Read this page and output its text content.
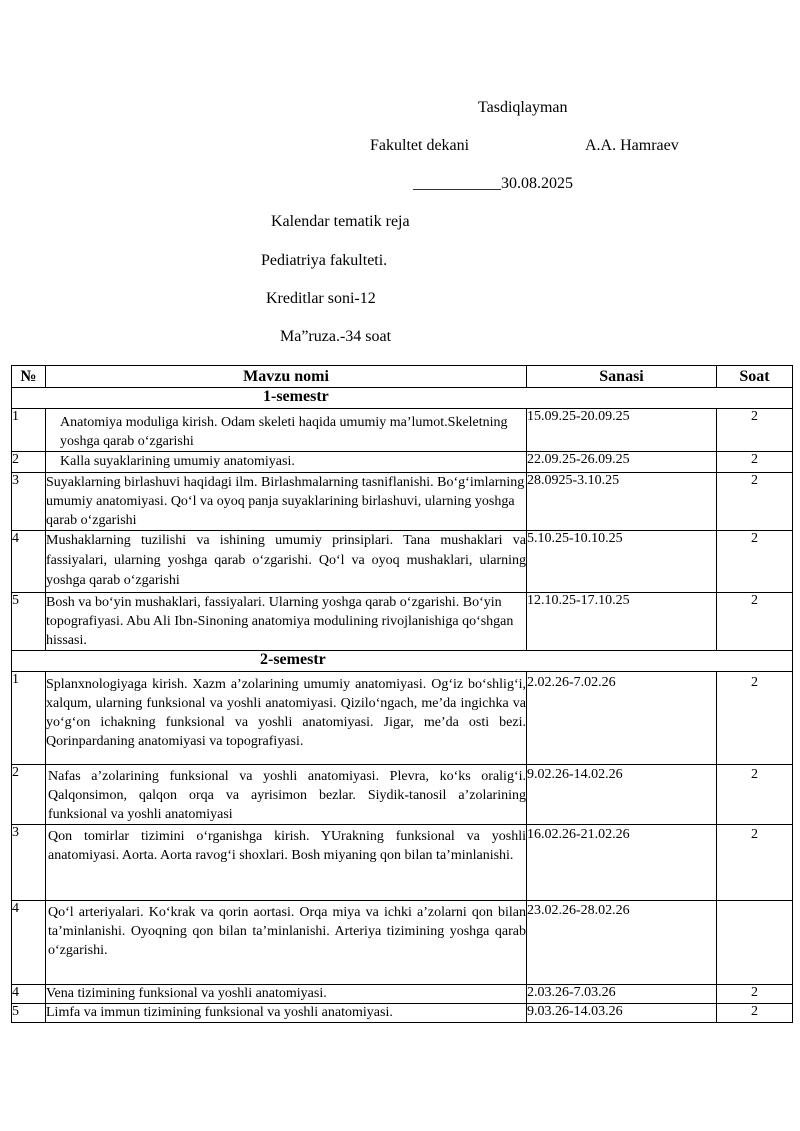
Tasdiqlayman
Fakultet dekani	A.A. Hamraev
___________30.08.2025
Kalendar tematik reja
Pediatriya fakulteti.
Kreditlar soni-12
Ma”ruza.-34 soat
№	Mavzu nomi	Sanasi	Soat
1-semestr			
1	Anatomiya moduliga kirish. Odam skeleti haqida umumiy ma’lumot.Skeletning yoshga qarab o‘zgarishi	15.09.25-20.09.25	2
2	Kalla suyaklarining umumiy anatomiyasi.	22.09.25-26.09.25	2
3	Suyaklarning birlashuvi haqidagi ilm. Birlashmalarning tasniflanishi. Bo‘g‘imlarning umumiy anatomiyasi. Qo‘l va oyoq panja suyaklarining birlashuvi, ularning yoshga qarab o‘zgarishi	28.0925-3.10.25	2
4	Mushaklarning tuzilishi va ishining umumiy prinsiplari. Tana mushaklari va fassiyalari, ularning yoshga qarab o‘zgarishi. Qo‘l va oyoq mushaklari, ularning yoshga qarab o‘zgarishi	5.10.25-10.10.25	2
5	Bosh va bo‘yin mushaklari, fassiyalari. Ularning yoshga qarab o‘zgarishi. Bo‘yin topografiyasi. Abu Ali Ibn-Sinoning anatomiya modulining rivojlanishiga qo‘shgan hissasi.	12.10.25-17.10.25	2
2-semestr			
1	Splanxnologiyaga kirish. Xazm a’zolarining umumiy anatomiyasi. Og‘iz bo‘shlig‘i, xalqum, ularning funksional va yoshli anatomiyasi. Qizilo‘ngach, me’da ingichka va yo‘g‘on ichakning funksional va yoshli anatomiyasi. Jigar, me’da osti bezi. Qorinpardaning anatomiyasi va topografiyasi.	2.02.26-7.02.26	2
2	Nafas a’zolarining funksional va yoshli anatomiyasi. Plevra, ko‘ks oralig‘i. Qalqonsimon, qalqon orqa va ayrisimon bezlar. Siydik-tanosil a’zolarining funksional va yoshli anatomiyasi	9.02.26-14.02.26	2
3	Qon tomirlar tizimini o‘rganishga kirish. YUrakning funksional va yoshli anatomiyasi. Aorta. Aorta ravog‘i shoxlari. Bosh miyaning qon bilan ta’minlanishi.	16.02.26-21.02.26	2
4	Qo‘l arteriyalari. Ko‘krak va qorin aortasi. Orqa miya va ichki a’zolarni qon bilan ta’minlanishi. Oyoqning qon bilan ta’minlanishi. Arteriya tizimining yoshga qarab o‘zgarishi.	23.02.26-28.02.26	
4	Vena tizimining funksional va yoshli anatomiyasi.	2.03.26-7.03.26	2
5	Limfa va immun tizimining funksional va yoshli anatomiyasi.	9.03.26-14.03.26	2
